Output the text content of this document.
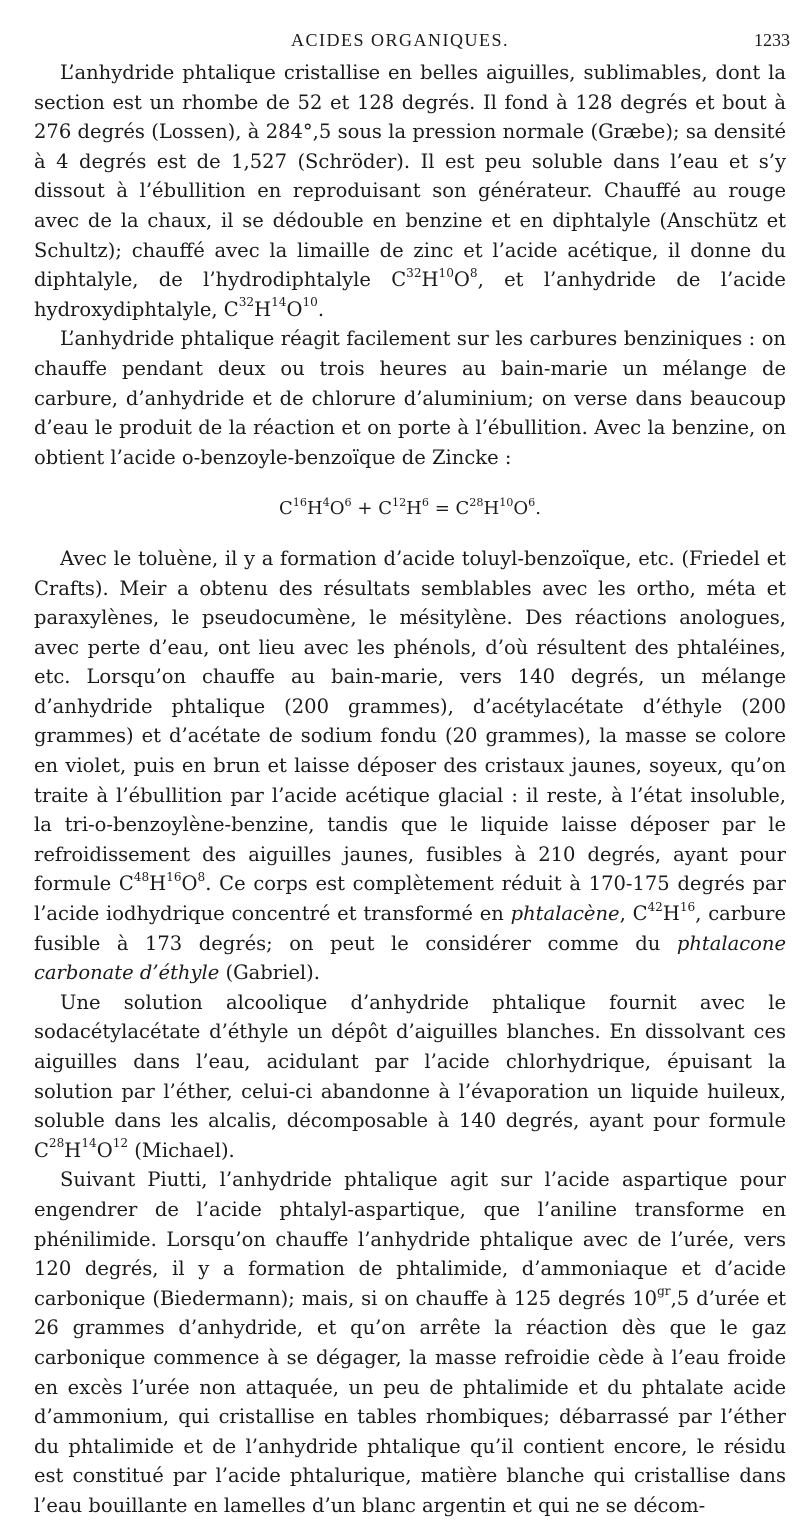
ACIDES ORGANIQUES.	1233

L’anhydride phtalique cristallise en belles aiguilles, sublimables, dont la section est un rhombe de 52 et 128 degrés. Il fond à 128 degrés et bout à 276 degrés (Lossen), à 284°,5 sous la pression normale (Græbe); sa densité à 4 degrés est de 1,527 (Schröder). Il est peu soluble dans l’eau et s’y dissout à l’ébullition en reproduisant son générateur. Chauffé au rouge avec de la chaux, il se dédouble en benzine et en diphtalyle (Anschütz et Schultz); chauffé avec la limaille de zinc et l’acide acétique, il donne du diphtalyle, de l’hydrodiphtalyle $C^{32}H^{10}O^8$, et l’anhydride de l’acide hydroxydiphtalyle, $C^{32}H^{14}O^{10}$.

L’anhydride phtalique réagit facilement sur les carbures benziniques : on chauffe pendant deux ou trois heures au bain-marie un mélange de carbure, d’anhydride et de chlorure d’aluminium; on verse dans beaucoup d’eau le produit de la réaction et on porte à l’ébullition. Avec la benzine, on obtient l’acide o-benzoyle-benzoïque de Zincke :

$C^{16}H^4O^6 + C^{12}H^6 = C^{28}H^{10}O^6$.

Avec le toluène, il y a formation d’acide toluyl-benzoïque, etc. (Friedel et Crafts). Meir a obtenu des résultats semblables avec les ortho, méta et paraxylènes, le pseudocumène, le mésitylène. Des réactions anologues, avec perte d’eau, ont lieu avec les phénols, d’où résultent des phtaléines, etc. Lorsqu’on chauffe au bain-marie, vers 140 degrés, un mélange d’anhydride phtalique (200 grammes), d’acétylacétate d’éthyle (200 grammes) et d’acétate de sodium fondu (20 grammes), la masse se colore en violet, puis en brun et laisse déposer des cristaux jaunes, soyeux, qu’on traite à l’ébullition par l’acide acétique glacial : il reste, à l’état insoluble, la tri-o-benzoylène-benzine, tandis que le liquide laisse déposer par le refroidissement des aiguilles jaunes, fusibles à 210 degrés, ayant pour formule $C^{48}H^{16}O^8$. Ce corps est complètement réduit à 170-175 degrés par l’acide iodhydrique concentré et transformé en phtalacène, $C^{42}H^{16}$, carbure fusible à 173 degrés; on peut le considérer comme du phtalacone carbonate d’éthyle (Gabriel).

Une solution alcoolique d’anhydride phtalique fournit avec le sodacétylacétate d’éthyle un dépôt d’aiguilles blanches. En dissolvant ces aiguilles dans l’eau, acidulant par l’acide chlorhydrique, épuisant la solution par l’éther, celui-ci abandonne à l’évaporation un liquide huileux, soluble dans les alcalis, décomposable à 140 degrés, ayant pour formule $C^{28}H^{14}O^{12}$ (Michael).

Suivant Piutti, l’anhydride phtalique agit sur l’acide aspartique pour engendrer de l’acide phtalyl-aspartique, que l’aniline transforme en phénilimide. Lorsqu’on chauffe l’anhydride phtalique avec de l’urée, vers 120 degrés, il y a formation de phtalimide, d’ammoniaque et d’acide carbonique (Biedermann); mais, si on chauffe à 125 degrés $10^{gr},5$ d’urée et 26 grammes d’anhydride, et qu’on arrête la réaction dès que le gaz carbonique commence à se dégager, la masse refroidie cède à l’eau froide en excès l’urée non attaquée, un peu de phtalimide et du phtalate acide d’ammonium, qui cristallise en tables rhombiques; débarrassé par l’éther du phtalimide et de l’anhydride phtalique qu’il contient encore, le résidu est constitué par l’acide phtalurique, matière blanche qui cristallise dans l’eau bouillante en lamelles d’un blanc argentin et qui ne se décom-
